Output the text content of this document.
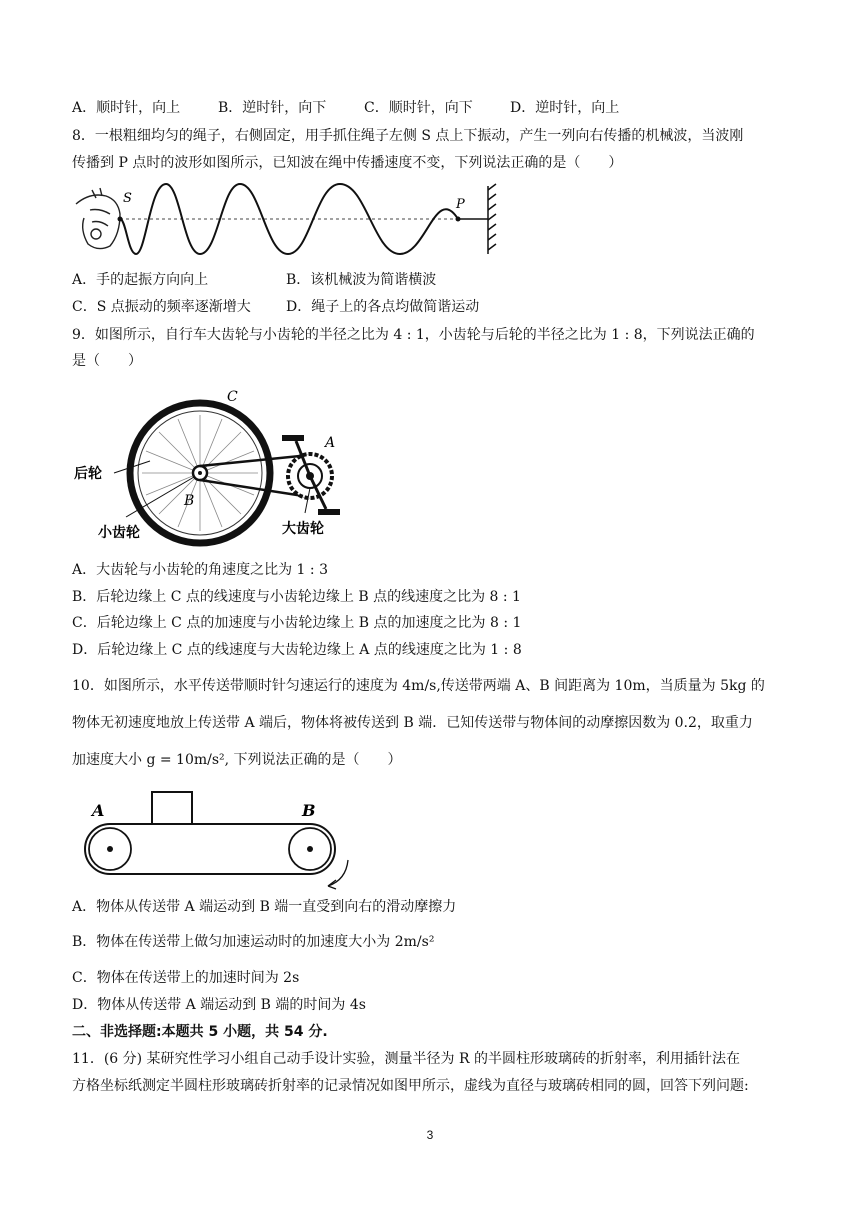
A．顺时针，向上	B．逆时针，向下	C．顺时针，向下	D．逆时针，向上
8．一根粗细均匀的绳子，右侧固定，用手抓住绳子左侧 S 点上下振动，产生一列向右传播的机械波，当波刚
传播到 P 点时的波形如图所示，已知波在绳中传播速度不变，下列说法正确的是（　　）
S	P
A．手的起振方向向上	B．该机械波为简谐横波
C．S 点振动的频率逐渐增大	D．绳子上的各点均做简谐运动
9．如图所示，自行车大齿轮与小齿轮的半径之比为 4 : 1，小齿轮与后轮的半径之比为 1 : 8，下列说法正确的
是（　　）
C
A
B
后轮
小齿轮	大齿轮
A．大齿轮与小齿轮的角速度之比为 1 : 3
B．后轮边缘上 C 点的线速度与小齿轮边缘上 B 点的线速度之比为 8 : 1
C．后轮边缘上 C 点的加速度与小齿轮边缘上 B 点的加速度之比为 8 : 1
D．后轮边缘上 C 点的线速度与大齿轮边缘上 A 点的线速度之比为 1 : 8
10．如图所示，水平传送带顺时针匀速运行的速度为 4m/s,传送带两端 A、B 间距离为 10m，当质量为 5kg 的
物体无初速度地放上传送带 A 端后，物体将被传送到 B 端．已知传送带与物体间的动摩擦因数为 0.2，取重力
加速度大小 g = 10m/s², 下列说法正确的是（　　）
A	B
A．物体从传送带 A 端运动到 B 端一直受到向右的滑动摩擦力
B．物体在传送带上做匀加速运动时的加速度大小为 2m/s²
C．物体在传送带上的加速时间为 2s
D．物体从传送带 A 端运动到 B 端的时间为 4s
二、非选择题:本题共 5 小题，共 54 分.
11．(6 分) 某研究性学习小组自己动手设计实验，测量半径为 R 的半圆柱形玻璃砖的折射率，利用插针法在
方格坐标纸测定半圆柱形玻璃砖折射率的记录情况如图甲所示，虚线为直径与玻璃砖相同的圆，回答下列问题:
3
